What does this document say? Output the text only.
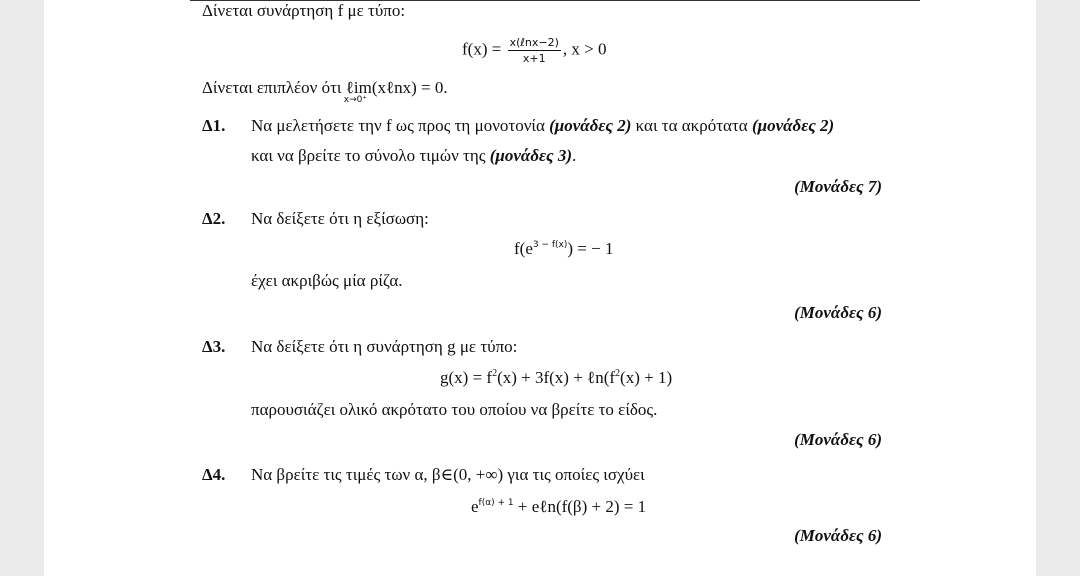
Δίνεται συνάρτηση f με τύπο:
$f(x) = \frac{\text{x(ℓnx−2)}}{x+1}$ , x > 0
Δίνεται επιπλέον ότι ℓim
x→0⁺
(xℓnx) = 0.
Δ1. Να μελετήσετε την f ως προς τη μονοτονία (μονάδες 2) και τα ακρότατα (μονάδες 2)
και να βρείτε το σύνολο τιμών της (μονάδες 3).
(Μονάδες 7)
Δ2. Να δείξετε ότι η εξίσωση:
$f(e^{3 - f(x)})$ = − 1
έχει ακριβώς μία ρίζα.
(Μονάδες 6)
Δ3. Να δείξετε ότι η συνάρτηση g με τύπο:
$g(x) = f^2(x) + 3f(x)$ + $\ell n(f^2(x) + 1)$
παρουσιάζει ολικό ακρότατο του οποίου να βρείτε το είδος.
(Μονάδες 6)
Δ4. Να βρείτε τις τιμές των α, β∈(0, +∞) για τις οποίες ισχύει
$e^{f(\alpha) + 1}$ + eℓn(f(β) + 2) = 1
(Μονάδες 6)
